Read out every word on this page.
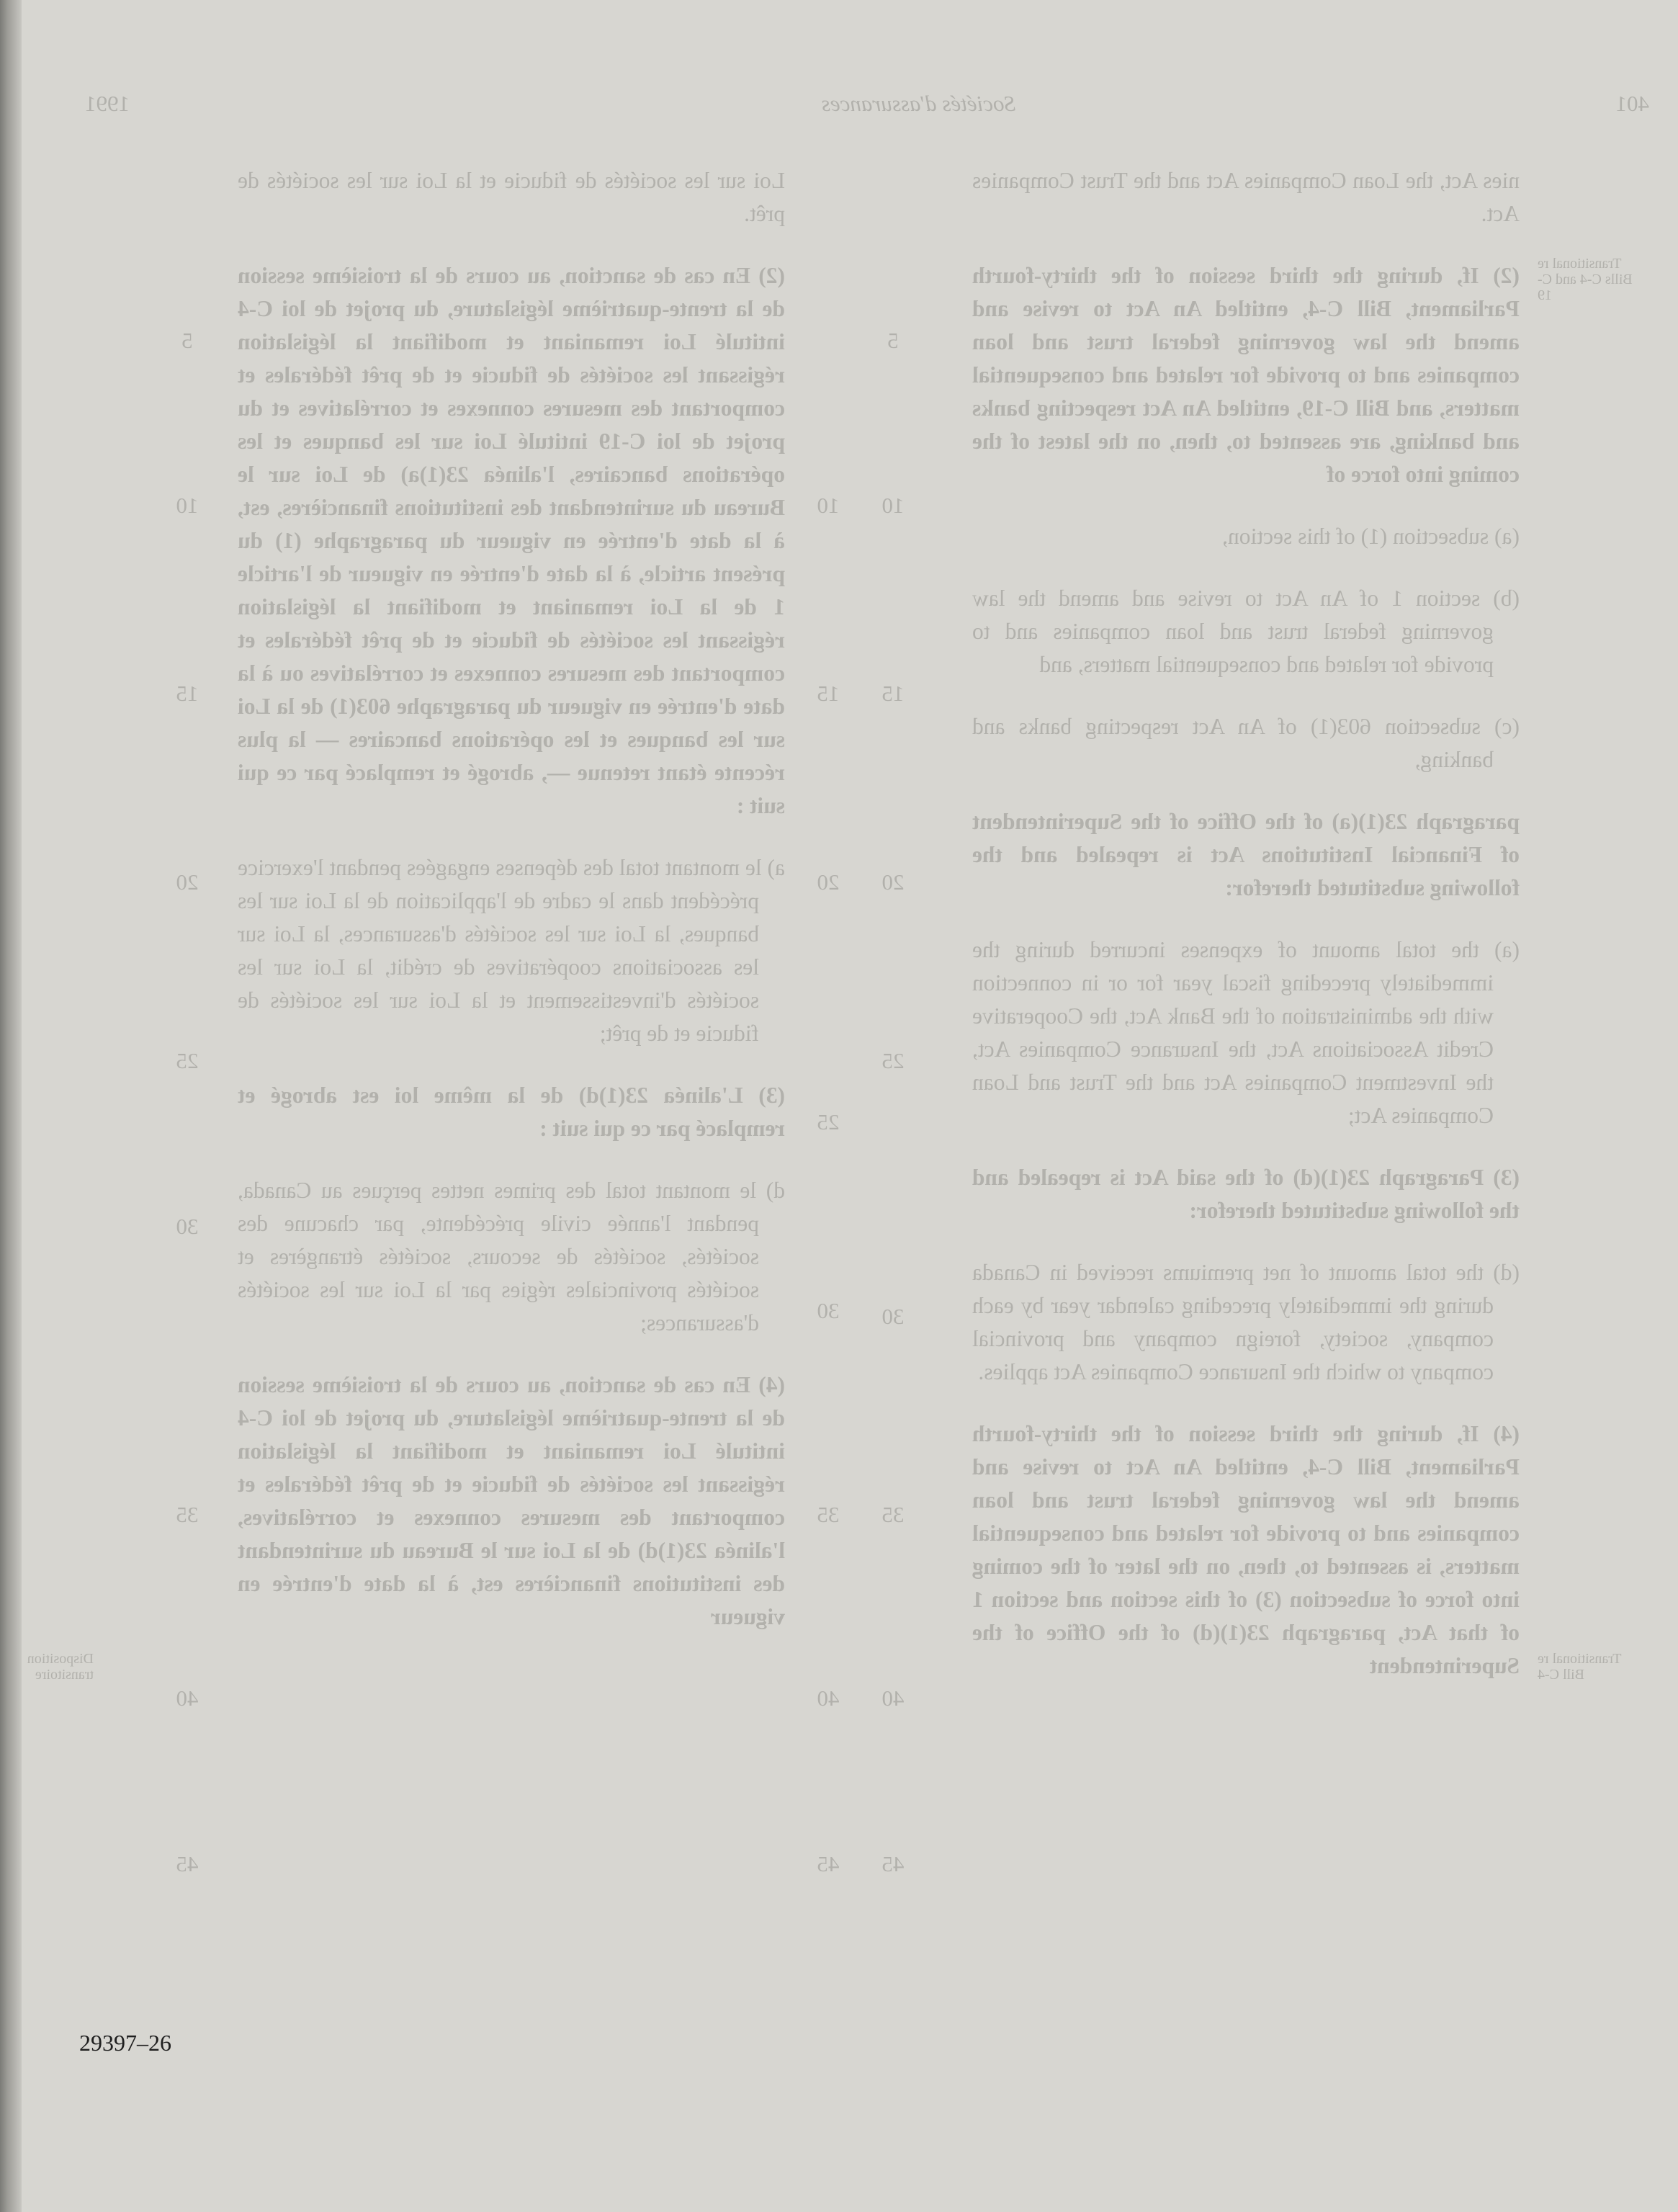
401
Sociétés d'assurances
1991

nies Act, the Loan Companies Act and the Trust Companies Act.

(2) If, during the third session of the thirty-fourth Parliament, Bill C-4, entitled An Act to revise and amend the law governing federal trust and loan companies and to provide for related and consequential matters, and Bill C-19, entitled An Act respecting banks and banking, are assented to, then, on the latest of the coming into force of

(a) subsection (1) of this section,

(b) section 1 of An Act to revise and amend the law governing federal trust and loan companies and to provide for related and consequential matters, and

(c) subsection 603(1) of An Act respecting banks and banking,

paragraph 23(1)(a) of the Office of the Superintendent of Financial Institutions Act is repealed and the following substituted therefor:

(a) the total amount of expenses incurred during the immediately preceding fiscal year for or in connection with the administration of the Bank Act, the Cooperative Credit Associations Act, the Insurance Companies Act, the Investment Companies Act and the Trust and Loan Companies Act;

(3) Paragraph 23(1)(d) of the said Act is repealed and the following substituted therefor:

(d) the total amount of net premiums received in Canada during the immediately preceding calendar year by each company, society, foreign company and provincial company to which the Insurance Companies Act applies.

(4) If, during the third session of the thirty-fourth Parliament, Bill C-4, entitled An Act to revise and amend the law governing federal trust and loan companies and to provide for related and consequential matters, is assented to, then, on the later of the coming into force of subsection (3) of this section and section 1 of that Act, paragraph 23(1)(d) of the Office of the Superintendent

Loi sur les sociétés de fiducie et la Loi sur les sociétés de prêt.

(2) En cas de sanction, au cours de la troisième session de la trente-quatrième législature, du projet de loi C-4 intitulé Loi remaniant et modifiant la législation régissant les sociétés de fiducie et de prêt fédérales et comportant des mesures connexes et corrélatives et du projet de loi C-19 intitulé Loi sur les banques et les opérations bancaires, l'alinéa 23(1)a) de Loi sur le Bureau du surintendant des institutions financières, est, à la date d'entrée en vigueur du paragraphe (1) du présent article, à la date d'entrée en vigueur de l'article 1 de la Loi remaniant et modifiant la législation régissant les sociétés de fiducie et de prêt fédérales et comportant des mesures connexes et corrélatives ou à la date d'entrée en vigueur du paragraphe 603(1) de la Loi sur les banques et les opérations bancaires — la plus récente étant retenue —, abrogé et remplacé par ce qui suit :

a) le montant total des dépenses engagées pendant l'exercice précédent dans le cadre de l'application de la Loi sur les banques, la Loi sur les sociétés d'assurances, la Loi sur les associations coopératives de crédit, la Loi sur les sociétés d'investissement et la Loi sur les sociétés de fiducie et de prêt;

(3) L'alinéa 23(1)d) de la même loi est abrogé et remplacé par ce qui suit :

d) le montant total des primes nettes perçues au Canada, pendant l'année civile précédente, par chacune des sociétés, sociétés de secours, sociétés étrangères et sociétés provinciales régies par la Loi sur les sociétés d'assurances;

(4) En cas de sanction, au cours de la troisième session de la trente-quatrième législature, du projet de loi C-4 intitulé Loi remaniant et modifiant la législation régissant les sociétés de fiducie et de prêt fédérales et comportant des mesures connexes et corrélatives, l'alinéa 23(1)d) de la Loi sur le Bureau du surintendant des institutions financières est, à la date d'entrée en vigueur

10
15
20
25
30
35
40
45
5
10
15
20
25
30
35
40
45
5
10
15
20
25
30
35
40
45
Transitional re Bills C-4 and C-19
Transitional re Bill C-4
Disposition transitoire
29397–26
